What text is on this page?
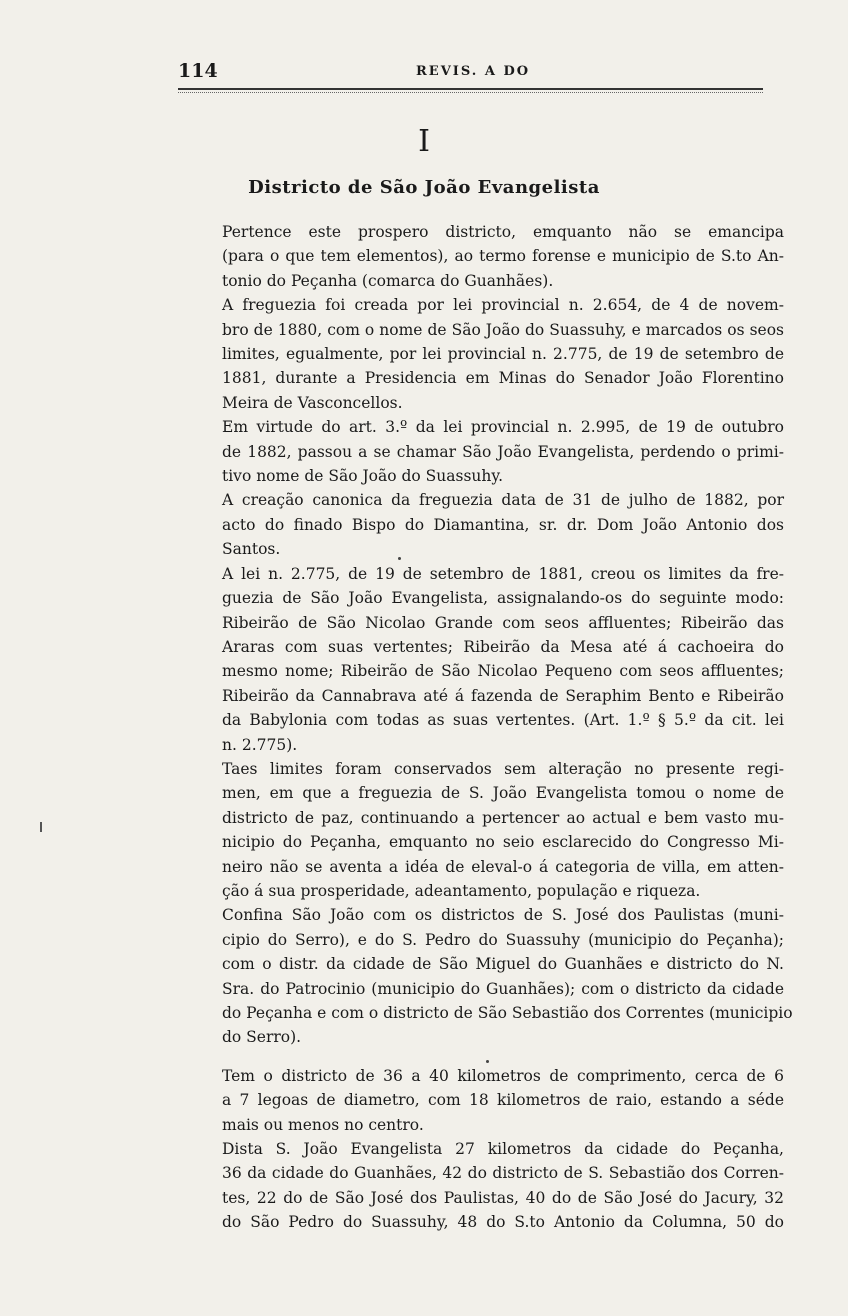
114	REVIS. A DO
I
Districto de São João Evangelista

Pertence este prospero districto, emquanto não se emancipa
(para o que tem elementos), ao termo forense e municipio de S.to An-
tonio do Peçanha (comarca do Guanhães).

A freguezia foi creada por lei provincial n. 2.654, de 4 de novem-
bro de 1880, com o nome de São João do Suassuhy, e marcados os seos
limites, egualmente, por lei provincial n. 2.775, de 19 de setembro de
1881, durante a Presidencia em Minas do Senador João Florentino
Meira de Vasconcellos.

Em virtude do art. 3.º da lei provincial n. 2.995, de 19 de outubro
de 1882, passou a se chamar São João Evangelista, perdendo o primi-
tivo nome de São João do Suassuhy.

A creação canonica da freguezia data de 31 de julho de 1882, por
acto do finado Bispo do Diamantina, sr. dr. Dom João Antonio dos
Santos.

A lei n. 2.775, de 19 de setembro de 1881, creou os limites da fre-
guezia de São João Evangelista, assignalando-os do seguinte modo:
Ribeirão de São Nicolao Grande com seos affluentes; Ribeirão das
Araras com suas vertentes; Ribeirão da Mesa até á cachoeira do
mesmo nome; Ribeirão de São Nicolao Pequeno com seos affluentes;
Ribeirão da Cannabrava até á fazenda de Seraphim Bento e Ribeirão
da Babylonia com todas as suas vertentes. (Art. 1.º § 5.º da cit. lei
n. 2.775).

Taes limites foram conservados sem alteração no presente regi-
men, em que a freguezia de S. João Evangelista tomou o nome de
districto de paz, continuando a pertencer ao actual e bem vasto mu-
nicipio do Peçanha, emquanto no seio esclarecido do Congresso Mi-
neiro não se aventa a idéa de eleval-o á categoria de villa, em atten-
ção á sua prosperidade, adeantamento, população e riqueza.

Confina São João com os districtos de S. José dos Paulistas (muni-
cipio do Serro), e do S. Pedro do Suassuhy (municipio do Peçanha);
com o distr. da cidade de São Miguel do Guanhães e districto do N.
Sra. do Patrocinio (municipio do Guanhães); com o districto da cidade
do Peçanha e com o districto de São Sebastião dos Correntes (municipio
do Serro).

Tem o districto de 36 a 40 kilometros de comprimento, cerca de 6
a 7 legoas de diametro, com 18 kilometros de raio, estando a séde
mais ou menos no centro.

Dista S. João Evangelista 27 kilometros da cidade do Peçanha,
36 da cidade do Guanhães, 42 do districto de S. Sebastião dos Corren-
tes, 22 do de São José dos Paulistas, 40 do de São José do Jacury, 32
do São Pedro do Suassuhy, 48 do S.to Antonio da Columna, 50 do
